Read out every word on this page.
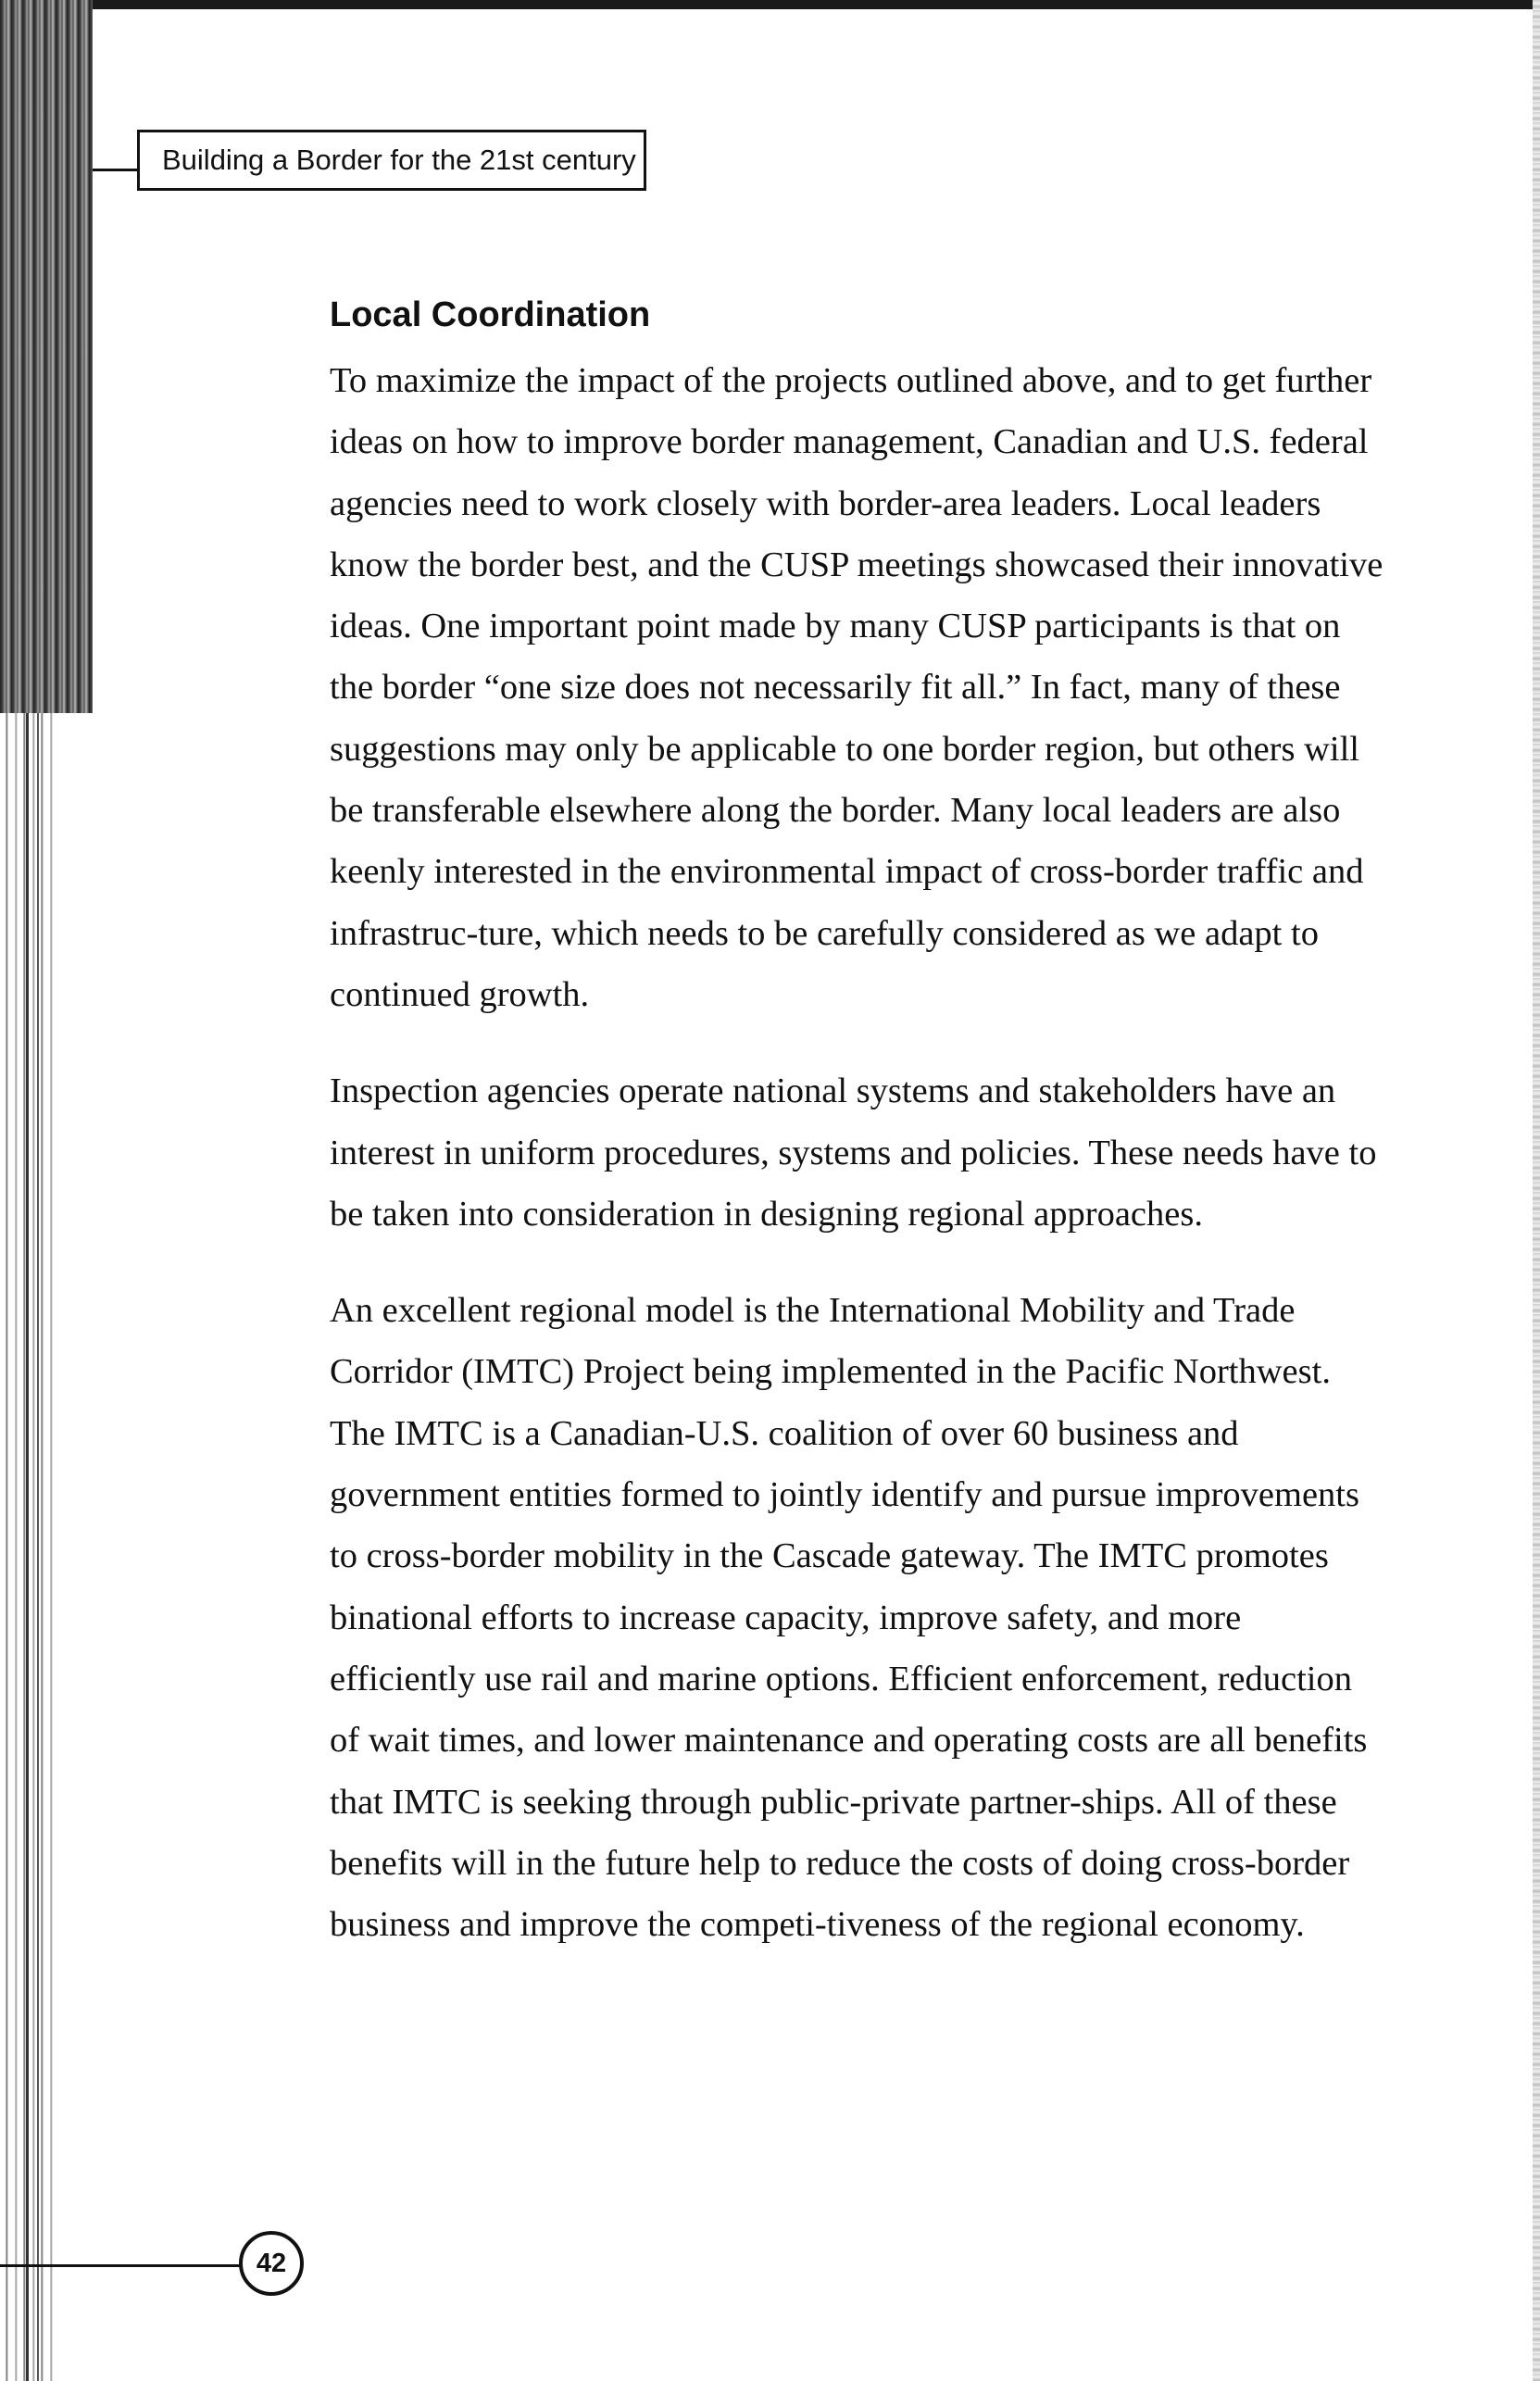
Building a Border for the 21st century
Local Coordination

To maximize the impact of the projects outlined above, and to get further ideas on how to improve border management, Canadian and U.S. federal agencies need to work closely with border-area leaders. Local leaders know the border best, and the CUSP meetings showcased their innovative ideas. One important point made by many CUSP participants is that on the border “one size does not necessarily fit all.” In fact, many of these suggestions may only be applicable to one border region, but others will be transferable elsewhere along the border. Many local leaders are also keenly interested in the environmental impact of cross-border traffic and infrastruc-ture, which needs to be carefully considered as we adapt to continued growth.

Inspection agencies operate national systems and stakeholders have an interest in uniform procedures, systems and policies. These needs have to be taken into consideration in designing regional approaches.

An excellent regional model is the International Mobility and Trade Corridor (IMTC) Project being implemented in the Pacific Northwest. The IMTC is a Canadian-U.S. coalition of over 60 business and government entities formed to jointly identify and pursue improvements to cross-border mobility in the Cascade gateway. The IMTC promotes binational efforts to increase capacity, improve safety, and more efficiently use rail and marine options. Efficient enforcement, reduction of wait times, and lower maintenance and operating costs are all benefits that IMTC is seeking through public-private partner-ships. All of these benefits will in the future help to reduce the costs of doing cross-border business and improve the competi-tiveness of the regional economy.

42
